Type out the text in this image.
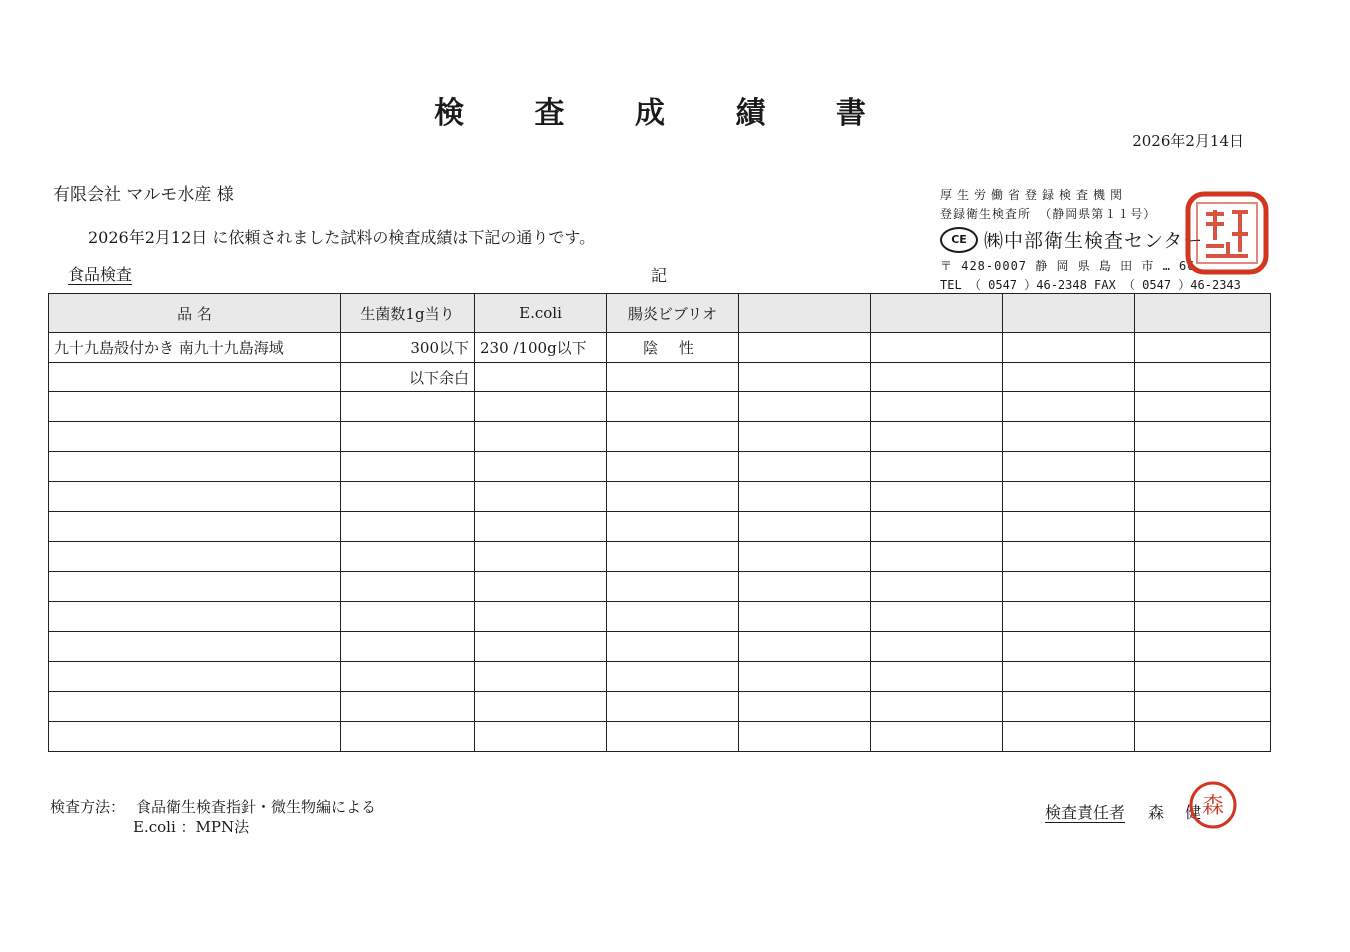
検 査 成 績 書
2026年2月14日
有限会社 マルモ水産 様
2026年2月12日 に依頼されました試料の検査成績は下記の通りです。
食品検査	記
厚生労働省登録検査機関
登録衛生検査所 （静岡県第１１号）
CE ㈱中部衛生検査センター
〒 428-0007 静 岡 県 島 田 市 … 66
TEL （ 0547 ）46-2348 FAX （ 0547 ）46-2343
品 名	生菌数1g当り	E.coli	腸炎ビブリオ				
九十九島殻付かき 南九十九島海域	300以下	230 /100g以下	陰 性				
	以下余白						

検査方法： 食品衛生検査指針・微生物編による
E.coli ：MPN法
検査責任者 森 健
森
